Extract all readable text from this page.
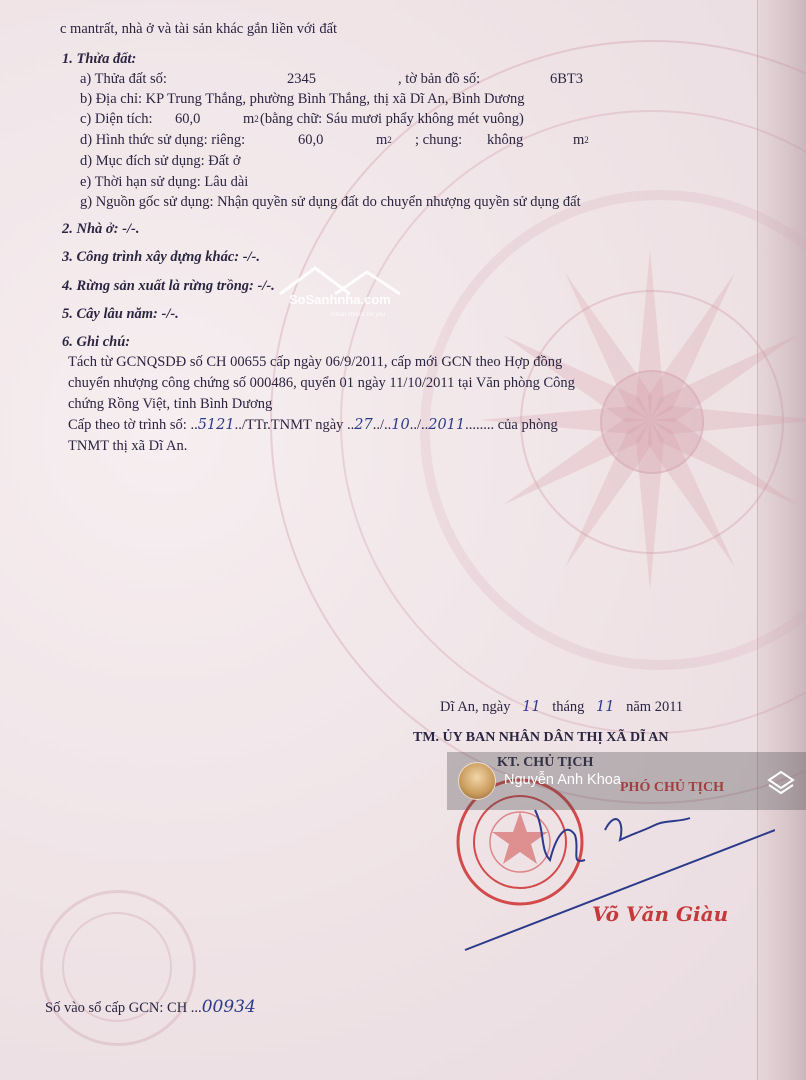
c mantrất, nhà ở và tài sản khác gắn liền với đất
1. Thửa đất:
a) Thửa đất số:	2345	, tờ bản đồ số:	6BT3
b) Địa chỉ: KP Trung Thắng, phường Bình Thắng, thị xã Dĩ An, Bình Dương
c) Diện tích: 60,0	$m^2$ (bằng chữ: Sáu mươi phẩy không mét vuông)
d) Hình thức sử dụng: riêng:	60,0	$m^2$ ; chung: không	$m^2$
d) Mục đích sử dụng: Đất ở
e) Thời hạn sử dụng: Lâu dài
g) Nguồn gốc sử dụng: Nhận quyền sử dụng đất do chuyển nhượng quyền sử dụng đất
2. Nhà ở: -/-.
3. Công trình xây dựng khác: -/-.
4. Rừng sản xuất là rừng trồng: -/-.
5. Cây lâu năm: -/-.
6. Ghi chú:
Tách từ GCNQSDĐ số CH 00655 cấp ngày 06/9/2011, cấp mới GCN theo Hợp đồng
chuyển nhượng công chứng số 000486, quyển 01 ngày 11/10/2011 tại Văn phòng Công
chứng Rồng Việt, tỉnh Bình Dương
Cấp theo tờ trình số: ..5121../TTr.TNMT ngày ..27../..10../..2011........ của phòng
TNMT thị xã Dĩ An.
SoSanhnha.com
Great choice for you
Dĩ An, ngày 11 tháng 11 năm 2011
TM. ỦY BAN NHÂN DÂN THỊ XÃ DĨ AN
KT. CHỦ TỊCH
PHÓ CHỦ TỊCH
Võ Văn Giàu
Nguyễn Anh Khoa
Số vào sổ cấp GCN: CH ...00934
